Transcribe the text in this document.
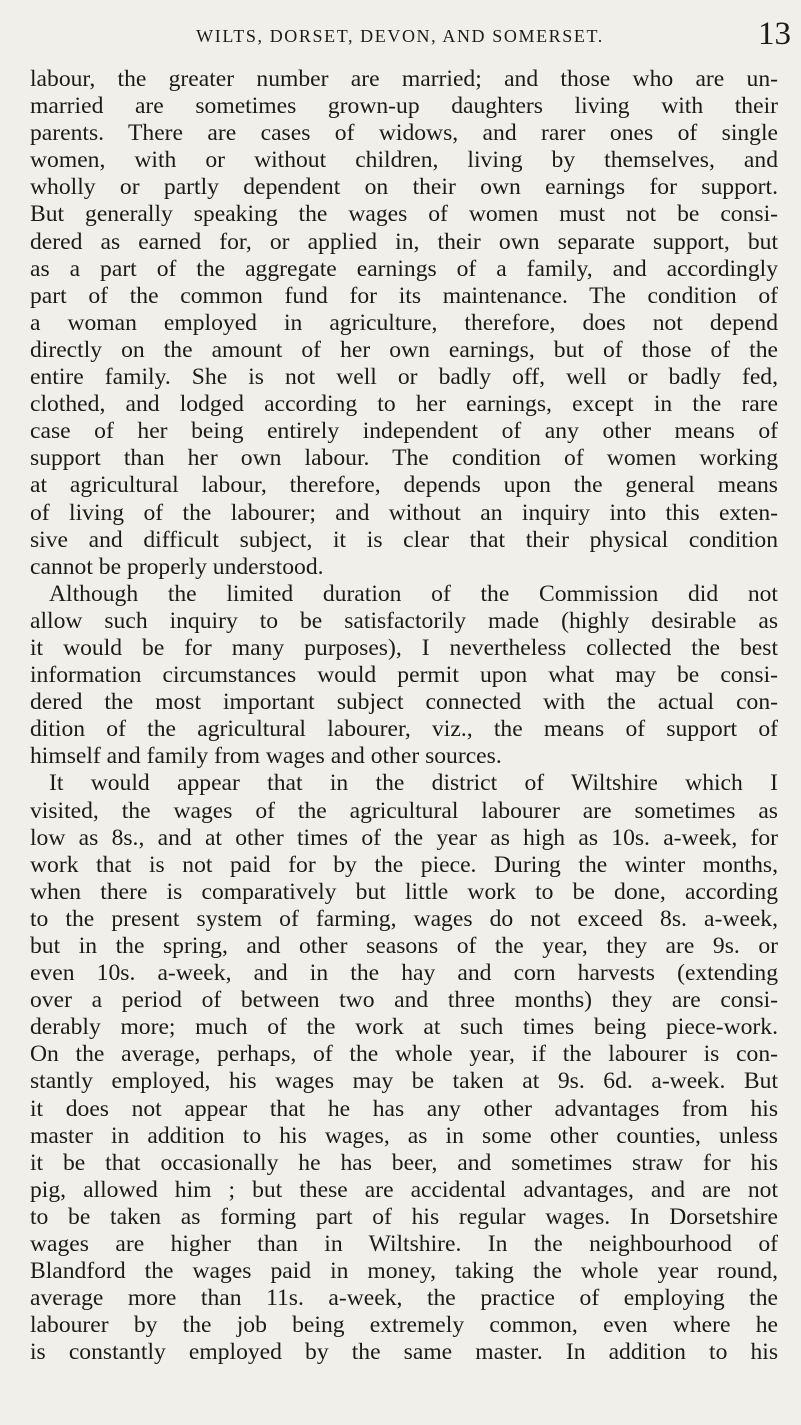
WILTS, DORSET, DEVON, AND SOMERSET.	13
labour, the greater number are married; and those who are un-
married are sometimes grown-up daughters living with their
parents. There are cases of widows, and rarer ones of single
women, with or without children, living by themselves, and
wholly or partly dependent on their own earnings for support.
But generally speaking the wages of women must not be consi-
dered as earned for, or applied in, their own separate support, but
as a part of the aggregate earnings of a family, and accordingly
part of the common fund for its maintenance. The condition of
a woman employed in agriculture, therefore, does not depend
directly on the amount of her own earnings, but of those of the
entire family. She is not well or badly off, well or badly fed,
clothed, and lodged according to her earnings, except in the rare
case of her being entirely independent of any other means of
support than her own labour. The condition of women working
at agricultural labour, therefore, depends upon the general means
of living of the labourer; and without an inquiry into this exten-
sive and difficult subject, it is clear that their physical condition
cannot be properly understood.
Although the limited duration of the Commission did not
allow such inquiry to be satisfactorily made (highly desirable as
it would be for many purposes), I nevertheless collected the best
information circumstances would permit upon what may be consi-
dered the most important subject connected with the actual con-
dition of the agricultural labourer, viz., the means of support of
himself and family from wages and other sources.
It would appear that in the district of Wiltshire which I
visited, the wages of the agricultural labourer are sometimes as
low as 8s., and at other times of the year as high as 10s. a-week, for
work that is not paid for by the piece. During the winter months,
when there is comparatively but little work to be done, according
to the present system of farming, wages do not exceed 8s. a-week,
but in the spring, and other seasons of the year, they are 9s. or
even 10s. a-week, and in the hay and corn harvests (extending
over a period of between two and three months) they are consi-
derably more; much of the work at such times being piece-work.
On the average, perhaps, of the whole year, if the labourer is con-
stantly employed, his wages may be taken at 9s. 6d. a-week. But
it does not appear that he has any other advantages from his
master in addition to his wages, as in some other counties, unless
it be that occasionally he has beer, and sometimes straw for his
pig, allowed him ; but these are accidental advantages, and are not
to be taken as forming part of his regular wages. In Dorsetshire
wages are higher than in Wiltshire. In the neighbourhood of
Blandford the wages paid in money, taking the whole year round,
average more than 11s. a-week, the practice of employing the
labourer by the job being extremely common, even where he
is constantly employed by the same master. In addition to his
